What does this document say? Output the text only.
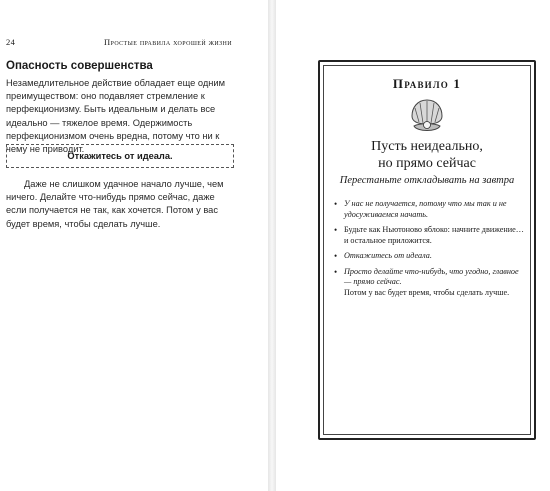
24	Простые правила хорошей жизни
Опасность совершенства
Незамедлительное действие обладает еще одним преимуществом: оно подавляет стремление к перфекционизму. Быть идеальным и делать все идеально — тяжелое время. Одержимость перфекционизмом очень вредна, потому что ни к чему не приводит.
Откажитесь от идеала.
Даже не слишком удачное начало лучше, чем ничего. Делайте что-нибудь прямо сейчас, даже если получается не так, как хочется. Потом у вас будет время, чтобы сделать лучше.
Правило 1
Пусть неидеально,
но прямо сейчас
Перестаньте откладывать на завтра
• У нас не получается, потому что мы так и не удосуживаемся начать.
• Будьте как Ньютоново яблоко: начните движение… и остальное приложится.
• Откажитесь от идеала.
• Просто делайте что-нибудь, что угодно, главное — прямо сейчас.
Потом у вас будет время, чтобы сделать лучше.
